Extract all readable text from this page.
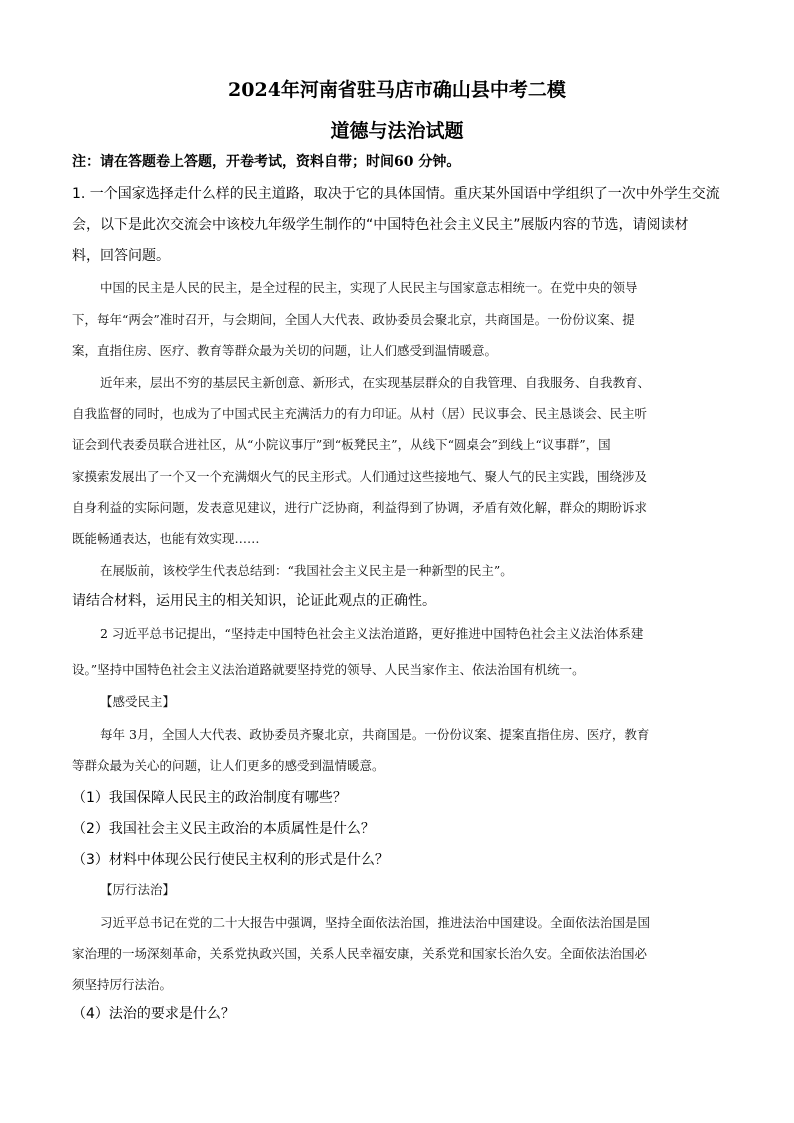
2024年河南省驻马店市确山县中考二模
道德与法治试题
注：请在答题卷上答题，开卷考试，资料自带；时间60 分钟。
1. 一个国家选择走什么样的民主道路，取决于它的具体国情。重庆某外国语中学组织了一次中外学生交流
会，以下是此次交流会中该校九年级学生制作的“中国特色社会主义民主”展版内容的节选，请阅读材
料，回答问题。
中国的民主是人民的民主，是全过程的民主，实现了人民民主与国家意志相统一。在党中央的领导
下，每年“两会”准时召开，与会期间，全国人大代表、政协委员会聚北京，共商国是。一份份议案、提
案，直指住房、医疗、教育等群众最为关切的问题，让人们感受到温情暖意。
近年来，层出不穷的基层民主新创意、新形式，在实现基层群众的自我管理、自我服务、自我教育、
自我监督的同时，也成为了中国式民主充满活力的有力印证。从村（居）民议事会、民主恳谈会、民主听
证会到代表委员联合进社区，从“小院议事厅”到“板凳民主”，从线下“圆桌会”到线上“议事群”，国
家摸索发展出了一个又一个充满烟火气的民主形式。人们通过这些接地气、聚人气的民主实践，围绕涉及
自身利益的实际问题，发表意见建议，进行广泛协商，利益得到了协调，矛盾有效化解，群众的期盼诉求
既能畅通表达，也能有效实现……
在展版前，该校学生代表总结到：“我国社会主义民主是一种新型的民主”。
请结合材料，运用民主的相关知识，论证此观点的正确性。
2 习近平总书记提出，“坚持走中国特色社会主义法治道路，更好推进中国特色社会主义法治体系建
设。”坚持中国特色社会主义法治道路就要坚持党的领导、人民当家作主、依法治国有机统一。
【感受民主】
每年 3月，全国人大代表、政协委员齐聚北京，共商国是。一份份议案、提案直指住房、医疗，教育
等群众最为关心的问题，让人们更多的感受到温情暖意。
（1）我国保障人民民主的政治制度有哪些？
（2）我国社会主义民主政治的本质属性是什么？
（3）材料中体现公民行使民主权利的形式是什么？
【厉行法治】
习近平总书记在党的二十大报告中强调，坚持全面依法治国，推进法治中国建设。全面依法治国是国
家治理的一场深刻革命，关系党执政兴国，关系人民幸福安康，关系党和国家长治久安。全面依法治国必
须坚持厉行法治。
（4）法治的要求是什么？
